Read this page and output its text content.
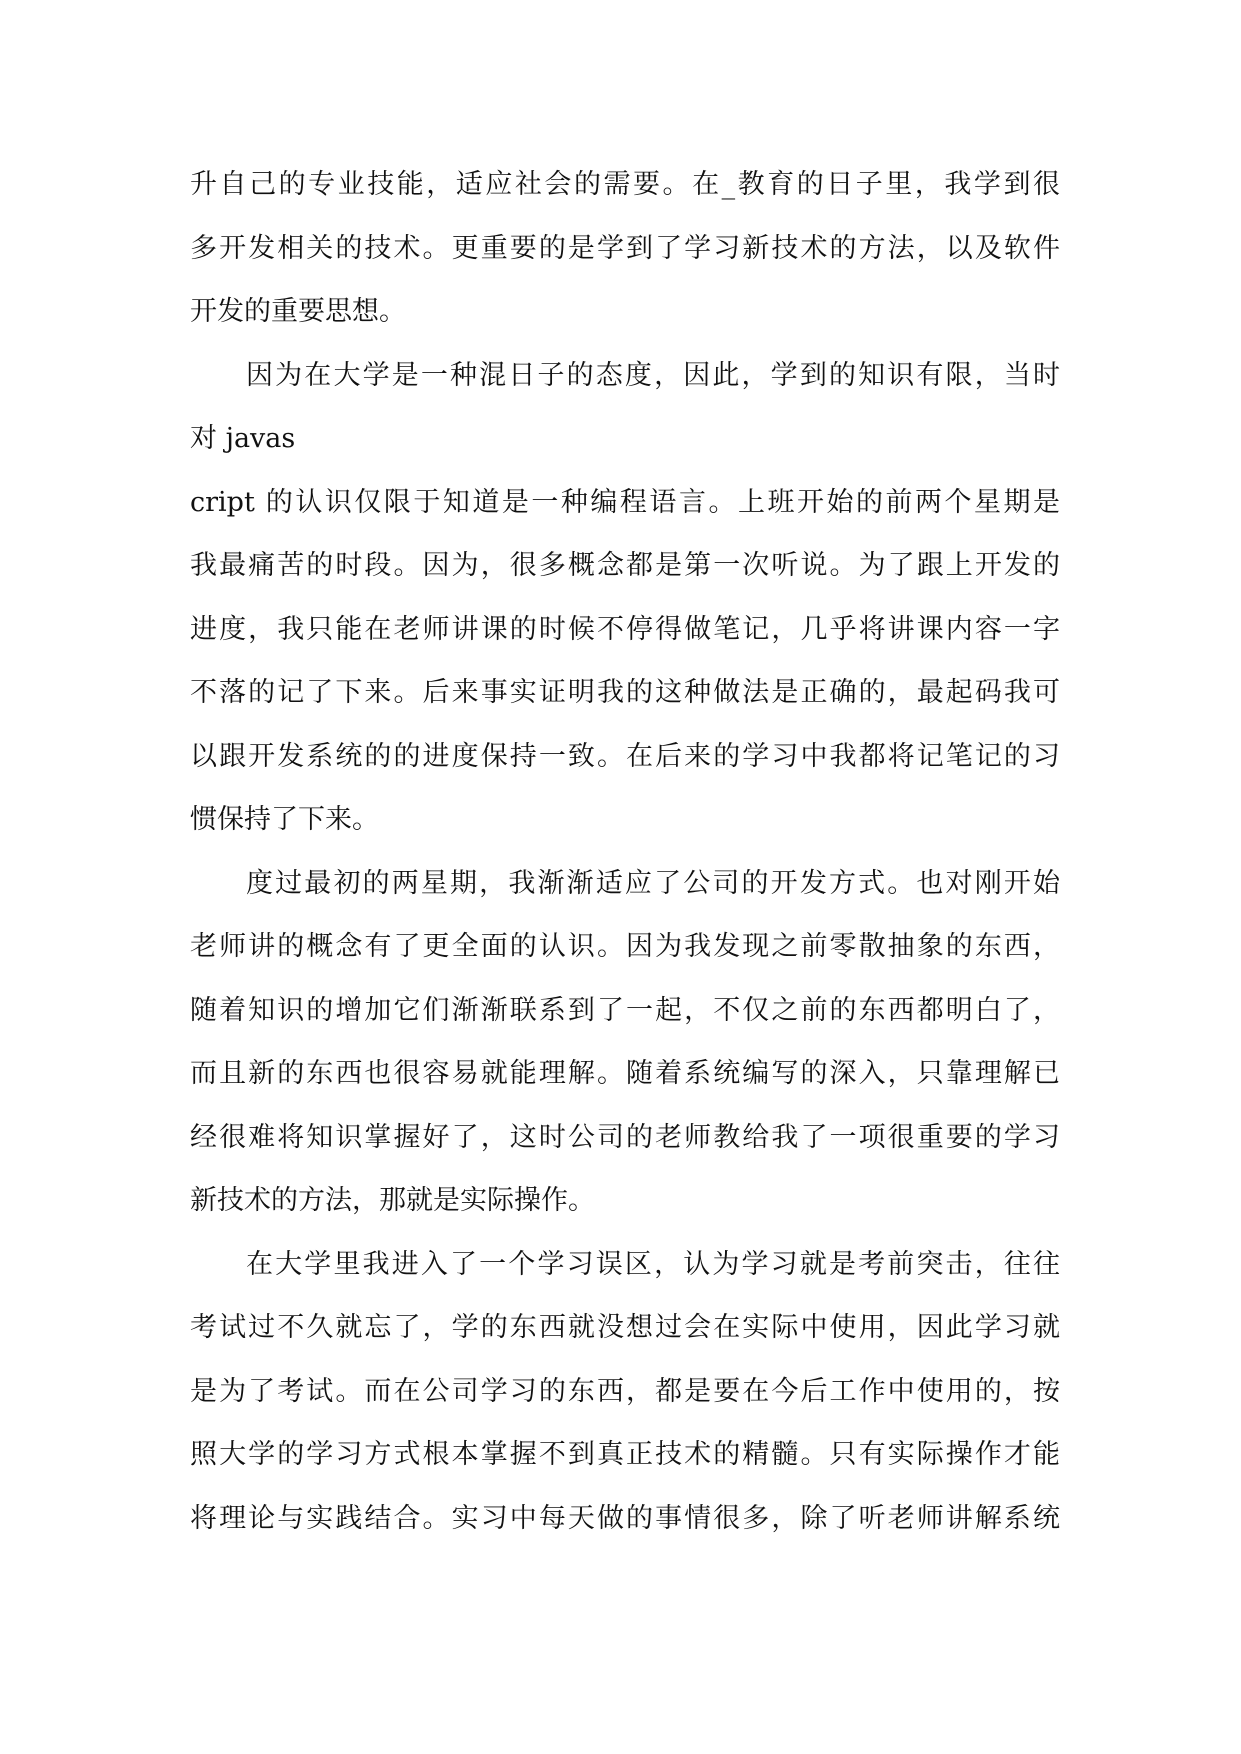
升自己的专业技能，适应社会的需要。在_教育的日子里，我学到很
多开发相关的技术。更重要的是学到了学习新技术的方法，以及软件
开发的重要思想。
因为在大学是一种混日子的态度，因此，学到的知识有限，当时
对 javas
cript 的认识仅限于知道是一种编程语言。上班开始的前两个星期是
我最痛苦的时段。因为，很多概念都是第一次听说。为了跟上开发的
进度，我只能在老师讲课的时候不停得做笔记，几乎将讲课内容一字
不落的记了下来。后来事实证明我的这种做法是正确的，最起码我可
以跟开发系统的的进度保持一致。在后来的学习中我都将记笔记的习
惯保持了下来。
度过最初的两星期，我渐渐适应了公司的开发方式。也对刚开始
老师讲的概念有了更全面的认识。因为我发现之前零散抽象的东西，
随着知识的增加它们渐渐联系到了一起，不仅之前的东西都明白了，
而且新的东西也很容易就能理解。随着系统编写的深入，只靠理解已
经很难将知识掌握好了，这时公司的老师教给我了一项很重要的学习
新技术的方法，那就是实际操作。
在大学里我进入了一个学习误区，认为学习就是考前突击，往往
考试过不久就忘了，学的东西就没想过会在实际中使用，因此学习就
是为了考试。而在公司学习的东西，都是要在今后工作中使用的，按
照大学的学习方式根本掌握不到真正技术的精髓。只有实际操作才能
将理论与实践结合。实习中每天做的事情很多，除了听老师讲解系统
